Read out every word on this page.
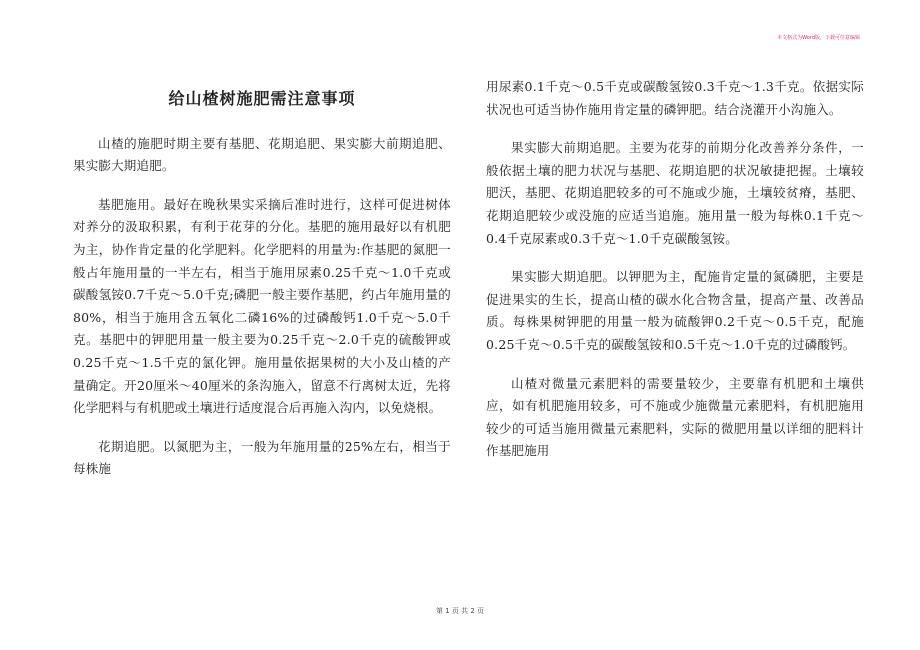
本文格式为Word版，下载可任意编辑
给山楂树施肥需注意事项

山楂的施肥时期主要有基肥、花期追肥、果实膨大前期追肥、果实膨大期追肥。

基肥施用。最好在晚秋果实采摘后准时进行，这样可促进树体对养分的汲取积累，有利于花芽的分化。基肥的施用最好以有机肥为主，协作肯定量的化学肥料。化学肥料的用量为:作基肥的氮肥一般占年施用量的一半左右，相当于施用尿素0.25千克～1.0千克或碳酸氢铵0.7千克～5.0千克;磷肥一般主要作基肥，约占年施用量的80%，相当于施用含五氧化二磷16%的过磷酸钙1.0千克～5.0千克。基肥中的钾肥用量一般主要为0.25千克～2.0千克的硫酸钾或0.25千克～1.5千克的氯化钾。施用量依据果树的大小及山楂的产量确定。开20厘米～40厘米的条沟施入，留意不行离树太近，先将化学肥料与有机肥或土壤进行适度混合后再施入沟内，以免烧根。

花期追肥。以氮肥为主，一般为年施用量的25%左右，相当于每株施

用尿素0.1千克～0.5千克或碳酸氢铵0.3千克～1.3千克。依据实际状况也可适当协作施用肯定量的磷钾肥。结合浇灌开小沟施入。

果实膨大前期追肥。主要为花芽的前期分化改善养分条件，一般依据土壤的肥力状况与基肥、花期追肥的状况敏捷把握。土壤较肥沃，基肥、花期追肥较多的可不施或少施，土壤较贫瘠，基肥、花期追肥较少或没施的应适当追施。施用量一般为每株0.1千克～0.4千克尿素或0.3千克～1.0千克碳酸氢铵。

果实膨大期追肥。以钾肥为主，配施肯定量的氮磷肥，主要是促进果实的生长，提高山楂的碳水化合物含量，提高产量、改善品质。每株果树钾肥的用量一般为硫酸钾0.2千克～0.5千克，配施0.25千克～0.5千克的碳酸氢铵和0.5千克～1.0千克的过磷酸钙。

山楂对微量元素肥料的需要量较少，主要靠有机肥和土壤供应，如有机肥施用较多，可不施或少施微量元素肥料，有机肥施用较少的可适当施用微量元素肥料，实际的微肥用量以详细的肥料计作基肥施用

第 1 页 共 2 页
